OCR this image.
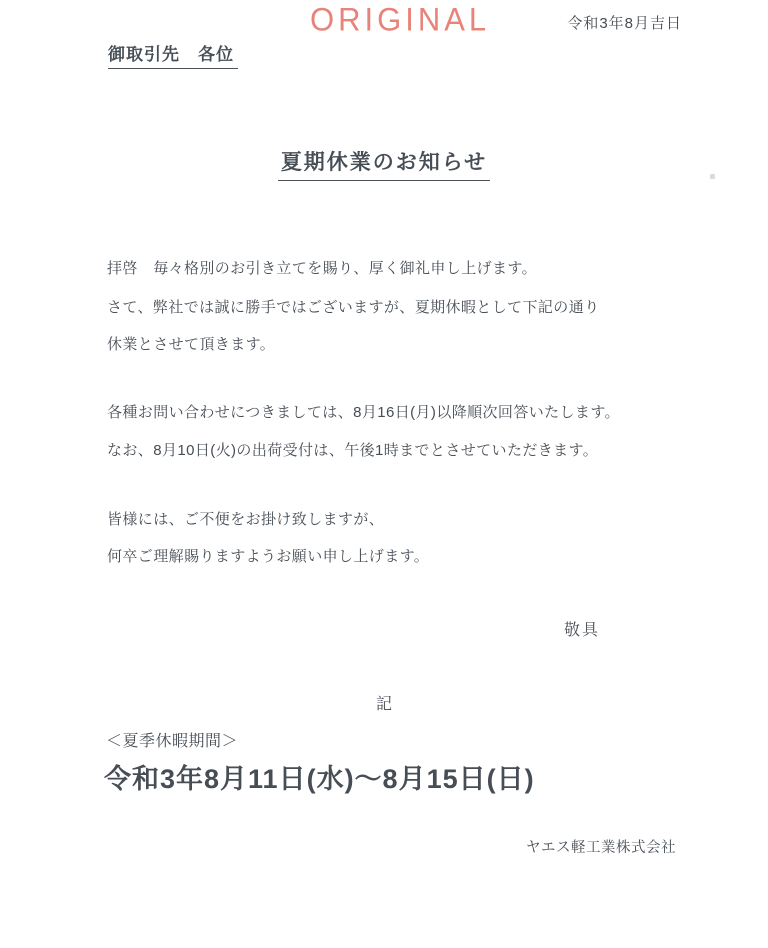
ORIGINAL	令和3年8月吉日
御取引先　各位
夏期休業のお知らせ
拝啓　毎々格別のお引き立てを賜り、厚く御礼申し上げます。
さて、弊社では誠に勝手ではございますが、夏期休暇として下記の通り
休業とさせて頂きます。
各種お問い合わせにつきましては、8月16日(月)以降順次回答いたします。
なお、8月10日(火)の出荷受付は、午後1時までとさせていただきます。
皆様には、ご不便をお掛け致しますが、
何卒ご理解賜りますようお願い申し上げます。
敬具
記
＜夏季休暇期間＞
令和3年8月11日(水)～8月15日(日)
ヤエス軽工業株式会社
